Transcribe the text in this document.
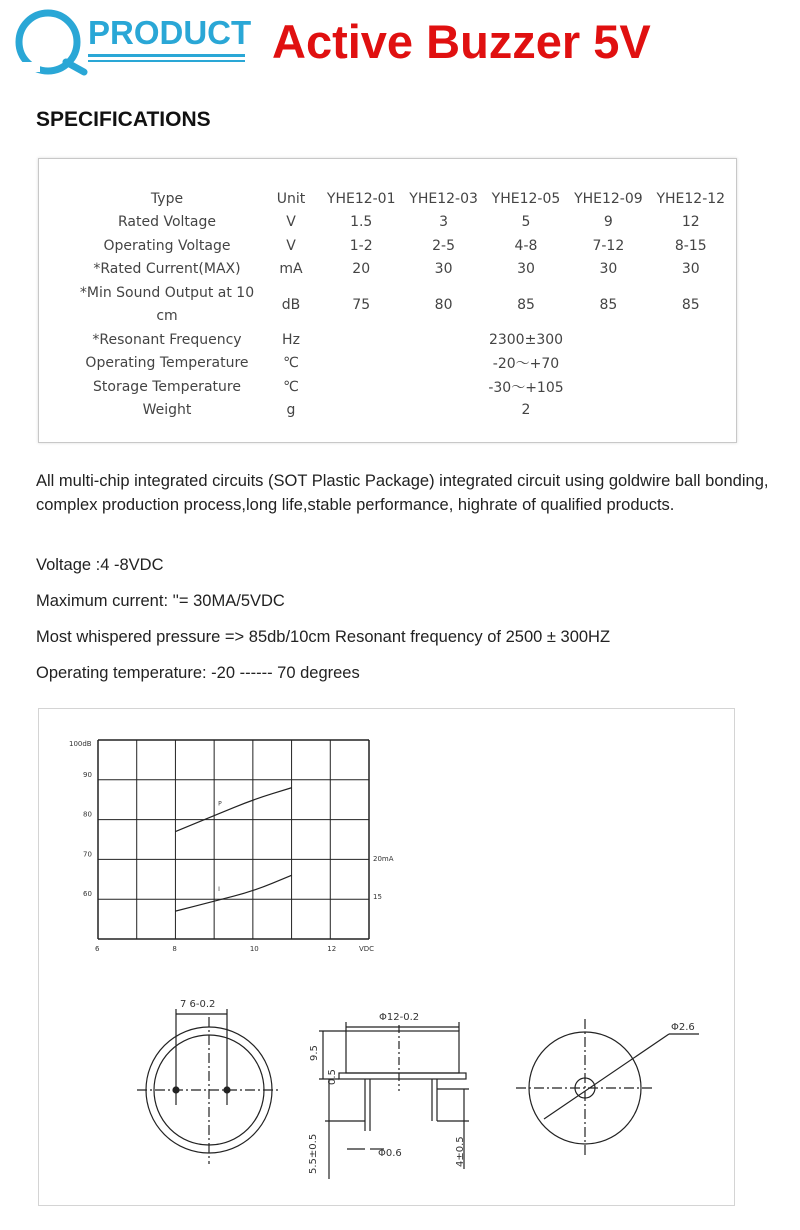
PRODUCT Active Buzzer 5V
SPECIFICATIONS
Type	Unit	YHE12-01	YHE12-03	YHE12-05	YHE12-09	YHE12-12
Rated Voltage	V	1.5	3	5	9	12
Operating Voltage	V	1-2	2-5	4-8	7-12	8-15
*Rated Current(MAX)	mA	20	30	30	30	30
*Min Sound Output at 10 cm	dB	75	80	85	85	85
*Resonant Frequency	Hz	2300±300				
Operating Temperature	℃	-20～+70				
Storage Temperature	℃	-30～+105				
Weight	g	2				
All multi-chip integrated circuits (SOT Plastic Package) integrated circuit using goldwire ball bonding, complex production process,long life,stable performance, highrate of qualified products.
Voltage :4 -8VDC
Maximum current: ''= 30MA/5VDC
Most whispered pressure => 85db/10cm Resonant frequency of 2500 ± 300HZ
Operating temperature: -20 ------ 70 degrees
6	8	10	12
60
70
80
90
P
I
100dB
VDC
20mA
15
7 6-0.2
Φ12-0.2
9.5
0.5
5.5±0.5	Φ0.6	4±0.5
Φ2.6
